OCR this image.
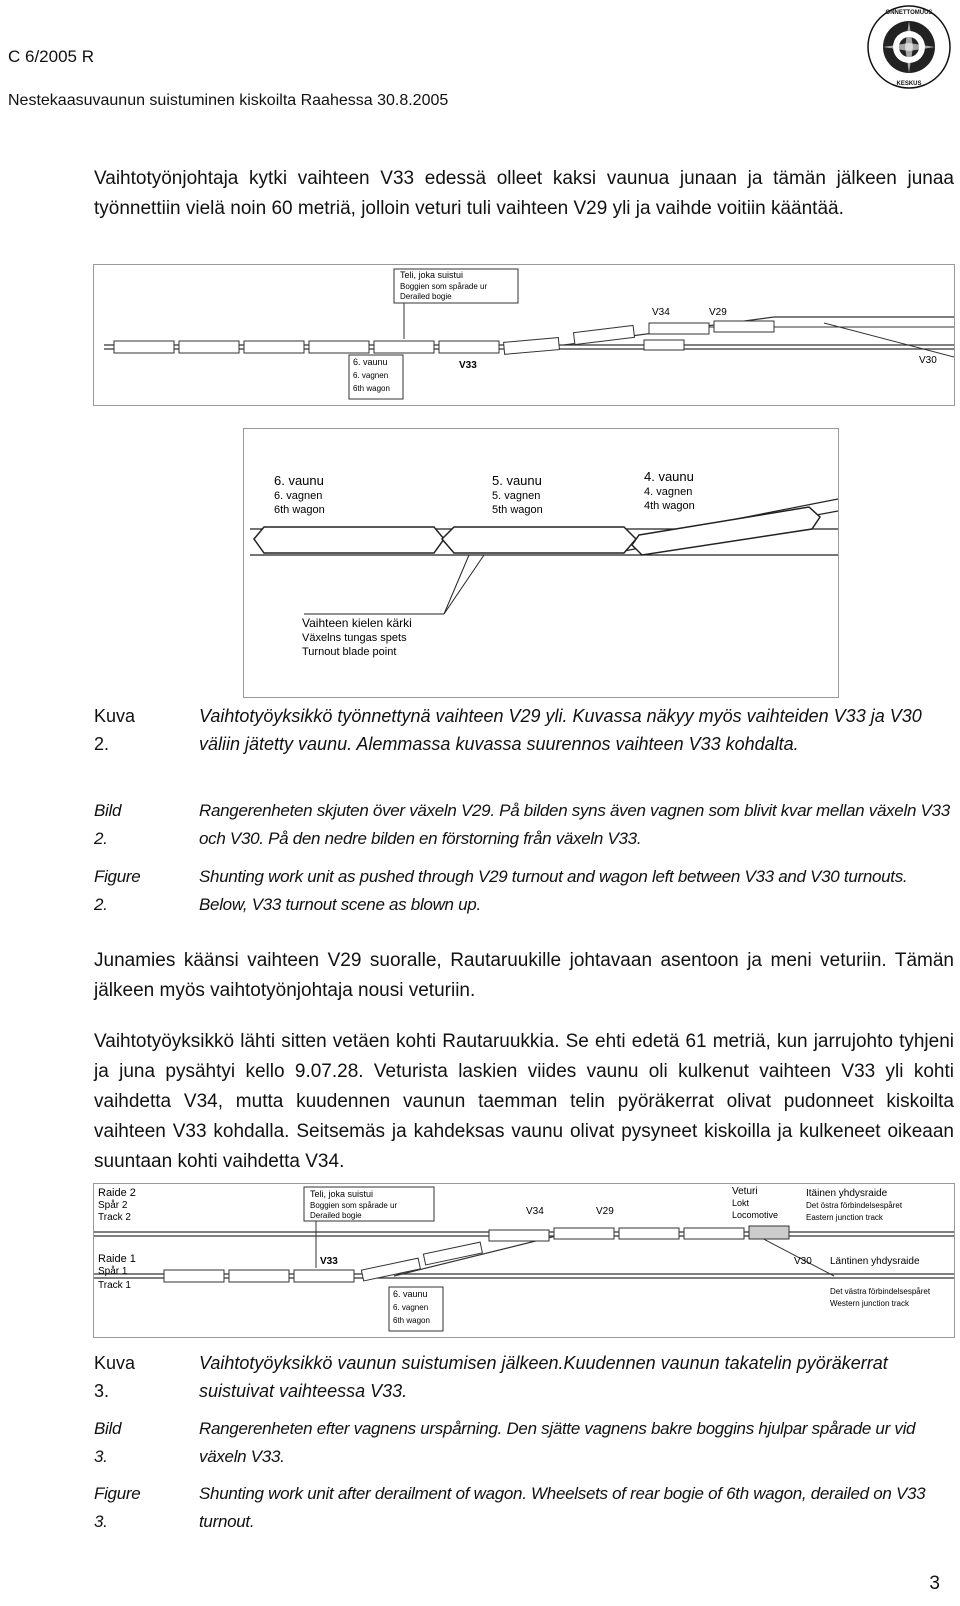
C 6/2005 R
Nestekaasuvaunun suistuminen kiskoilta Raahessa 30.8.2005
ONNETTOMUUS
KESKUS
Vaihtotyönjohtaja kytki vaihteen V33 edessä olleet kaksi vaunua junaan ja tämän jälkeen junaa työnnettiin vielä noin 60 metriä, jolloin veturi tuli vaihteen V29 yli ja vaihde voitiin kääntää.
Teli, joka suistui
Boggien som spårade ur
Derailed bogie
6. vaunu
6. vagnen
6th wagon
V33
V34	V29
V30
6. vaunu
6. vagnen
6th wagon
5. vaunu
5. vagnen
5th wagon
4. vaunu
4. vagnen
4th wagon
Vaihteen kielen kärki
Växelns tungas spets
Turnout blade point
Kuva 2.
Vaihtotyöyksikkö työnnettynä vaihteen V29 yli. Kuvassa näkyy myös vaihteiden V33 ja V30 väliin jätetty vaunu. Alemmassa kuvassa suurennos vaihteen V33 kohdalta.
Bild 2.
Rangerenheten skjuten över växeln V29. På bilden syns även vagnen som blivit kvar mellan växeln V33 och V30. På den nedre bilden en förstorning från växeln V33.
Figure 2.
Shunting work unit as pushed through V29 turnout and wagon left between V33 and V30 turnouts. Below, V33 turnout scene as blown up.
Junamies käänsi vaihteen V29 suoralle, Rautaruukille johtavaan asentoon ja meni veturiin. Tämän jälkeen myös vaihtotyönjohtaja nousi veturiin.
Vaihtotyöyksikkö lähti sitten vetäen kohti Rautaruukkia. Se ehti edetä 61 metriä, kun jarrujohto tyhjeni ja juna pysähtyi kello 9.07.28. Veturista laskien viides vaunu oli kulkenut vaihteen V33 yli kohti vaihdetta V34, mutta kuudennen vaunun taemman telin pyöräkerrat olivat pudonneet kiskoilta vaihteen V33 kohdalla. Seitsemäs ja kahdeksas vaunu olivat pysyneet kiskoilla ja kulkeneet oikeaan suuntaan kohti vaihdetta V34.
Raide 2
Spår 2
Track 2
Raide 1
Spår 1
Track 1
Teli, joka suistui
Boggien som spårade ur
Derailed bogie
6. vaunu
6. vagnen
6th wagon
V33
V34	V29
V30
Veturi
Lokt
Locomotive
Itäinen yhdysraide
Det östra förbindelsespåret
Eastern junction track
Läntinen yhdysraide
Det västra förbindelsespåret
Western junction track
Kuva 3.
Vaihtotyöyksikkö vaunun suistumisen jälkeen.Kuudennen vaunun takatelin pyöräkerrat suistuivat vaihteessa V33.
Bild 3.
Rangerenheten efter vagnens urspårning. Den sjätte vagnens bakre boggins hjulpar spårade ur vid växeln V33.
Figure 3.
Shunting work unit after derailment of wagon. Wheelsets of rear bogie of 6th wagon, derailed on V33 turnout.
3
